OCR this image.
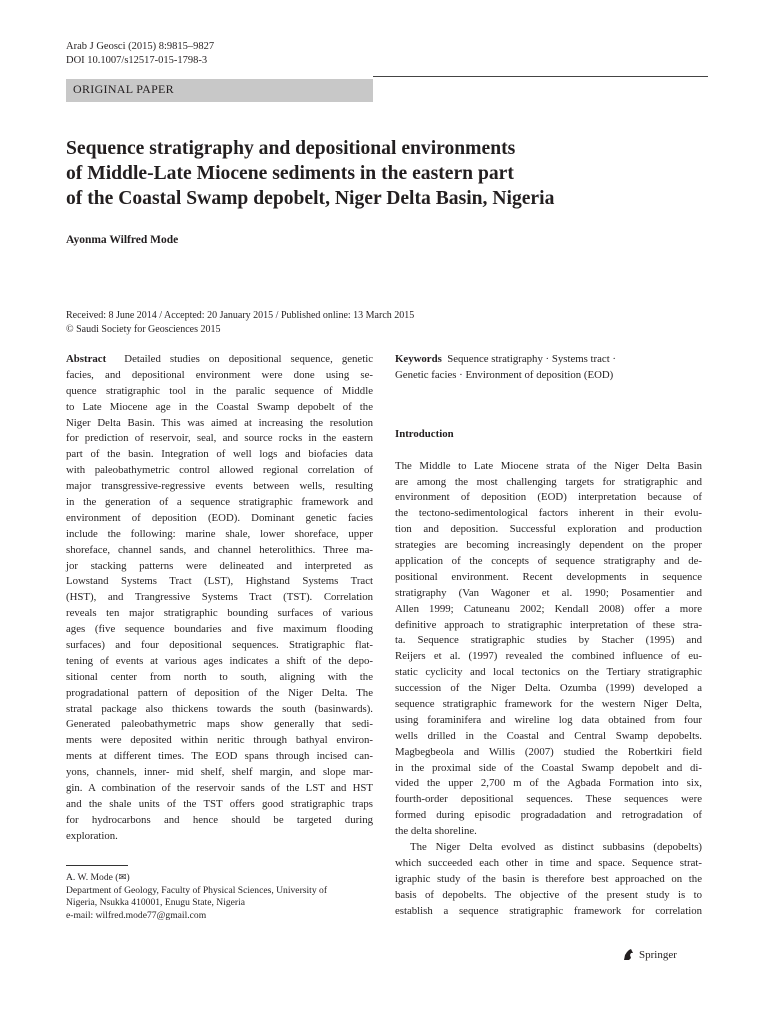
Arab J Geosci (2015) 8:9815–9827
DOI 10.1007/s12517-015-1798-3
ORIGINAL PAPER
Sequence stratigraphy and depositional environments
of Middle-Late Miocene sediments in the eastern part
of the Coastal Swamp depobelt, Niger Delta Basin, Nigeria
Ayonma Wilfred Mode
Received: 8 June 2014 / Accepted: 20 January 2015 / Published online: 13 March 2015
© Saudi Society for Geosciences 2015
Abstract Detailed studies on depositional sequence, genetic
facies, and depositional environment were done using se-
quence stratigraphic tool in the paralic sequence of Middle
to Late Miocene age in the Coastal Swamp depobelt of the
Niger Delta Basin. This was aimed at increasing the resolution
for prediction of reservoir, seal, and source rocks in the eastern
part of the basin. Integration of well logs and biofacies data
with paleobathymetric control allowed regional correlation of
major transgressive-regressive events between wells, resulting
in the generation of a sequence stratigraphic framework and
environment of deposition (EOD). Dominant genetic facies
include the following: marine shale, lower shoreface, upper
shoreface, channel sands, and channel heterolithics. Three ma-
jor stacking patterns were delineated and interpreted as
Lowstand Systems Tract (LST), Highstand Systems Tract
(HST), and Trangressive Systems Tract (TST). Correlation
reveals ten major stratigraphic bounding surfaces of various
ages (five sequence boundaries and five maximum flooding
surfaces) and four depositional sequences. Stratigraphic flat-
tening of events at various ages indicates a shift of the depo-
sitional center from north to south, aligning with the
progradational pattern of deposition of the Niger Delta. The
stratal package also thickens towards the south (basinwards).
Generated paleobathymetric maps show generally that sedi-
ments were deposited within neritic through bathyal environ-
ments at different times. The EOD spans through incised can-
yons, channels, inner- mid shelf, shelf margin, and slope mar-
gin. A combination of the reservoir sands of the LST and HST
and the shale units of the TST offers good stratigraphic traps
for hydrocarbons and hence should be targeted during
exploration.
Keywords Sequence stratigraphy · Systems tract ·
Genetic facies · Environment of deposition (EOD)
Introduction
The Middle to Late Miocene strata of the Niger Delta Basin
are among the most challenging targets for stratigraphic and
environment of deposition (EOD) interpretation because of
the tectono-sedimentological factors inherent in their evolu-
tion and deposition. Successful exploration and production
strategies are becoming increasingly dependent on the proper
application of the concepts of sequence stratigraphy and de-
positional environment. Recent developments in sequence
stratigraphy (Van Wagoner et al. 1990; Posamentier and
Allen 1999; Catuneanu 2002; Kendall 2008) offer a more
definitive approach to stratigraphic interpretation of these stra-
ta. Sequence stratigraphic studies by Stacher (1995) and
Reijers et al. (1997) revealed the combined influence of eu-
static cyclicity and local tectonics on the Tertiary stratigraphic
succession of the Niger Delta. Ozumba (1999) developed a
sequence stratigraphic framework for the western Niger Delta,
using foraminifera and wireline log data obtained from four
wells drilled in the Coastal and Central Swamp depobelts.
Magbegbeola and Willis (2007) studied the Robertkiri field
in the proximal side of the Coastal Swamp depobelt and di-
vided the upper 2,700 m of the Agbada Formation into six,
fourth-order depositional sequences. These sequences were
formed during episodic progradadation and retrogradation of
the delta shoreline.
The Niger Delta evolved as distinct subbasins (depobelts)
which succeeded each other in time and space. Sequence strat-
igraphic study of the basin is therefore best approached on the
basis of depobelts. The objective of the present study is to
establish a sequence stratigraphic framework for correlation
A. W. Mode (✉)
Department of Geology, Faculty of Physical Sciences, University of
Nigeria, Nsukka 410001, Enugu State, Nigeria
e-mail: wilfred.mode77@gmail.com
Springer
